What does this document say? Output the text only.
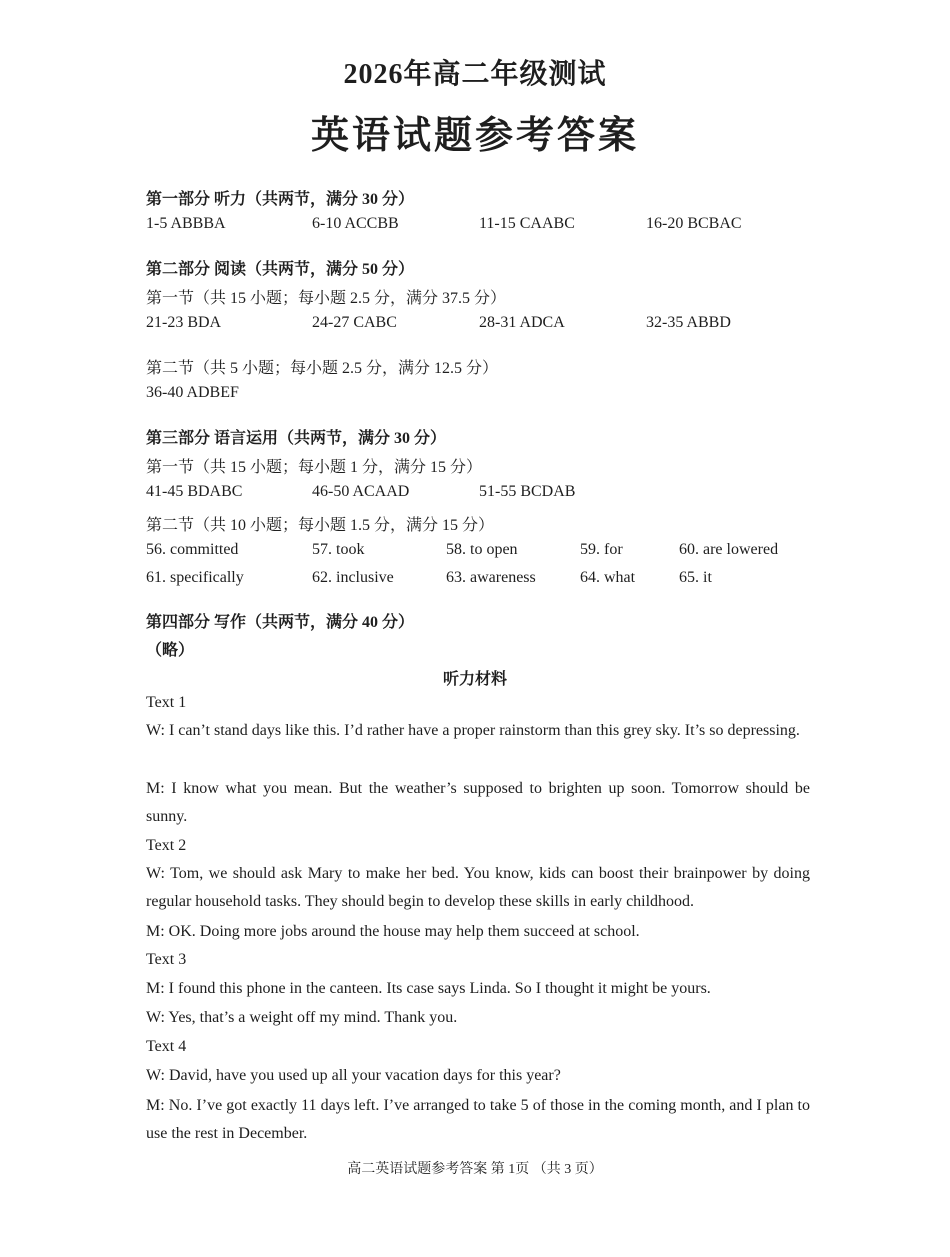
2026年高二年级测试
英语试题参考答案
第一部分 听力（共两节，满分 30 分）
1-5 ABBBA	6-10 ACCBB	11-15 CAABC	16-20 BCBAC
第二部分 阅读（共两节，满分 50 分）
第一节（共 15 小题；每小题 2.5 分，满分 37.5 分）
21-23 BDA	24-27 CABC	28-31 ADCA	32-35 ABBD
第二节（共 5 小题；每小题 2.5 分，满分 12.5 分）
36-40 ADBEF
第三部分 语言运用（共两节，满分 30 分）
第一节（共 15 小题；每小题 1 分，满分 15 分）
41-45 BDABC	46-50 ACAAD	51-55 BCDAB
第二节（共 10 小题；每小题 1.5 分，满分 15 分）
56. committed	57. took	58. to open	59. for	60. are lowered
61. specifically	62. inclusive	63. awareness	64. what	65. it
第四部分 写作（共两节，满分 40 分）
（略）
听力材料
Text 1
W: I can’t stand days like this. I’d rather have a proper rainstorm than this grey sky. It’s so depressing.
M: I know what you mean. But the weather’s supposed to brighten up soon. Tomorrow should be sunny.
Text 2
W: Tom, we should ask Mary to make her bed. You know, kids can boost their brainpower by doing regular household tasks. They should begin to develop these skills in early childhood.
M: OK. Doing more jobs around the house may help them succeed at school.
Text 3
M: I found this phone in the canteen. Its case says Linda. So I thought it might be yours.
W: Yes, that’s a weight off my mind. Thank you.
Text 4
W: David, have you used up all your vacation days for this year?
M: No. I’ve got exactly 11 days left. I’ve arranged to take 5 of those in the coming month, and I plan to use the rest in December.
高二英语试题参考答案 第 1页 （共 3 页）
